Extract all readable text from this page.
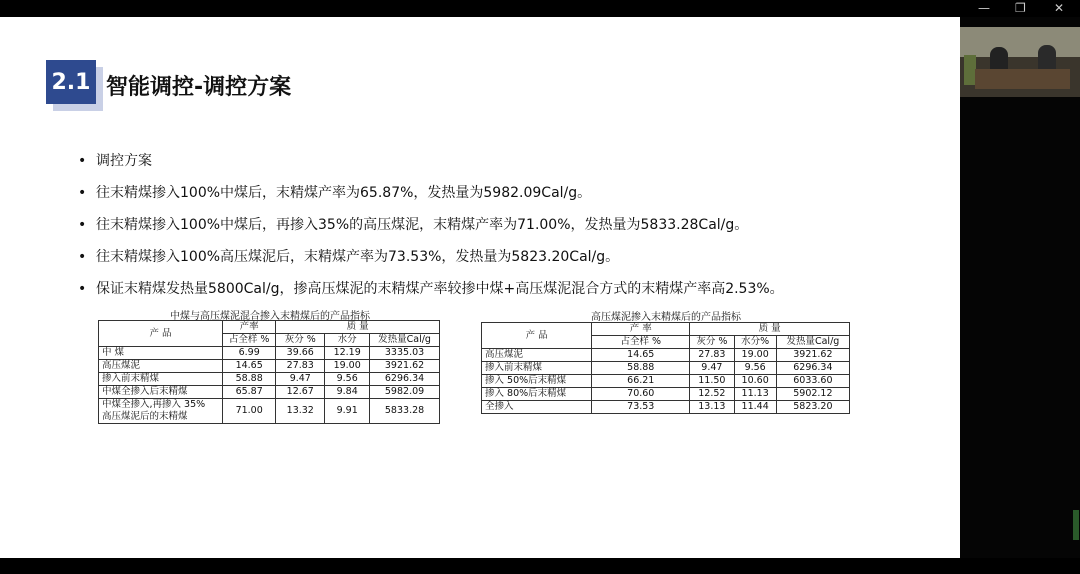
2.1 智能调控-调控方案
• 调控方案
• 往末精煤掺入100%中煤后，末精煤产率为65.87%，发热量为5982.09Cal/g。
• 往末精煤掺入100%中煤后，再掺入35%的高压煤泥，末精煤产率为71.00%，发热量为5833.28Cal/g。
• 往末精煤掺入100%高压煤泥后，末精煤产率为73.53%，发热量为5823.20Cal/g。
• 保证末精煤发热量5800Cal/g，掺高压煤泥的末精煤产率较掺中煤+高压煤泥混合方式的末精煤产率高2.53%。
中煤与高压煤泥混合掺入末精煤后的产品指标
产 品	产率	质 量		
	占全样 %	灰分 %	水分	发热量Cal/g
中 煤	6.99	39.66	12.19	3335.03
高压煤泥	14.65	27.83	19.00	3921.62
掺入前末精煤	58.88	9.47	9.56	6296.34
中煤全掺入后末精煤	65.87	12.67	9.84	5982.09

中煤全掺入,再掺入 35%
高压煤泥后的末精煤	71.00	13.32	9.91	5833.28
高压煤泥掺入末精煤后的产品指标
产 品	产 率	质 量		
	占全样 %	灰分 %	水分%	发热量Cal/g
高压煤泥	14.65	27.83	19.00	3921.62
掺入前末精煤	58.88	9.47	9.56	6296.34
掺入 50%后末精煤	66.21	11.50	10.60	6033.60
掺入 80%后末精煤	70.60	12.52	11.13	5902.12
全掺入	73.53	13.13	11.44	5823.20
— ❐ ✕
